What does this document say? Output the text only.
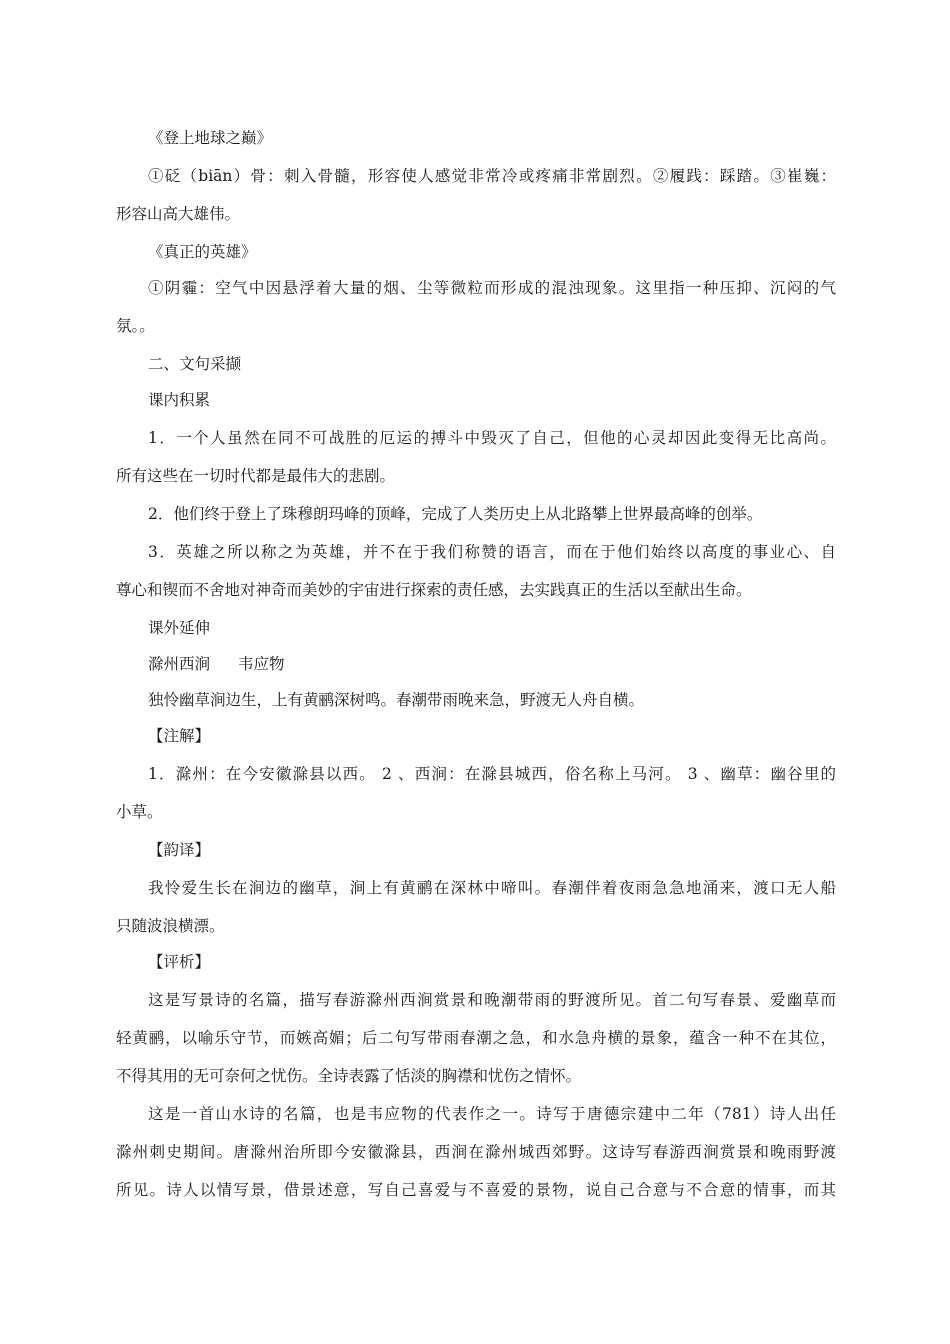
《登上地球之巅》

①砭（biān）骨：刺入骨髓，形容使人感觉非常冷或疼痛非常剧烈。②履践：踩踏。③崔巍：

形容山高大雄伟。

《真正的英雄》

①阴霾：空气中因悬浮着大量的烟、尘等微粒而形成的混浊现象。这里指一种压抑、沉闷的气

氛。。

二、文句采撷

课内积累

1．一个人虽然在同不可战胜的厄运的搏斗中毁灭了自己，但他的心灵却因此变得无比高尚。

所有这些在一切时代都是最伟大的悲剧。

2．他们终于登上了珠穆朗玛峰的顶峰，完成了人类历史上从北路攀上世界最高峰的创举。

3．英雄之所以称之为英雄，并不在于我们称赞的语言，而在于他们始终以高度的事业心、自

尊心和锲而不舍地对神奇而美妙的宇宙进行探索的责任感，去实践真正的生活以至献出生命。

课外延伸

滁州西涧 韦应物

独怜幽草涧边生，上有黄鹂深树鸣。春潮带雨晚来急，野渡无人舟自横。

【注解】

1．滁州：在今安徽滁县以西。 2 、西涧：在滁县城西，俗名称上马河。 3 、幽草：幽谷里的

小草。

【韵译】

我怜爱生长在涧边的幽草，涧上有黄鹂在深林中啼叫。春潮伴着夜雨急急地涌来，渡口无人船

只随波浪横漂。

【评析】

这是写景诗的名篇，描写春游滁州西涧赏景和晚潮带雨的野渡所见。首二句写春景、爱幽草而

轻黄鹂，以喻乐守节，而嫉高媚；后二句写带雨春潮之急，和水急舟横的景象，蕴含一种不在其位，

不得其用的无可奈何之忧伤。全诗表露了恬淡的胸襟和忧伤之情怀。

这是一首山水诗的名篇，也是韦应物的代表作之一。诗写于唐德宗建中二年（781）诗人出任

滁州刺史期间。唐滁州治所即今安徽滁县，西涧在滁州城西郊野。这诗写春游西涧赏景和晚雨野渡

所见。诗人以情写景，借景述意，写自己喜爱与不喜爱的景物，说自己合意与不合意的情事，而其
